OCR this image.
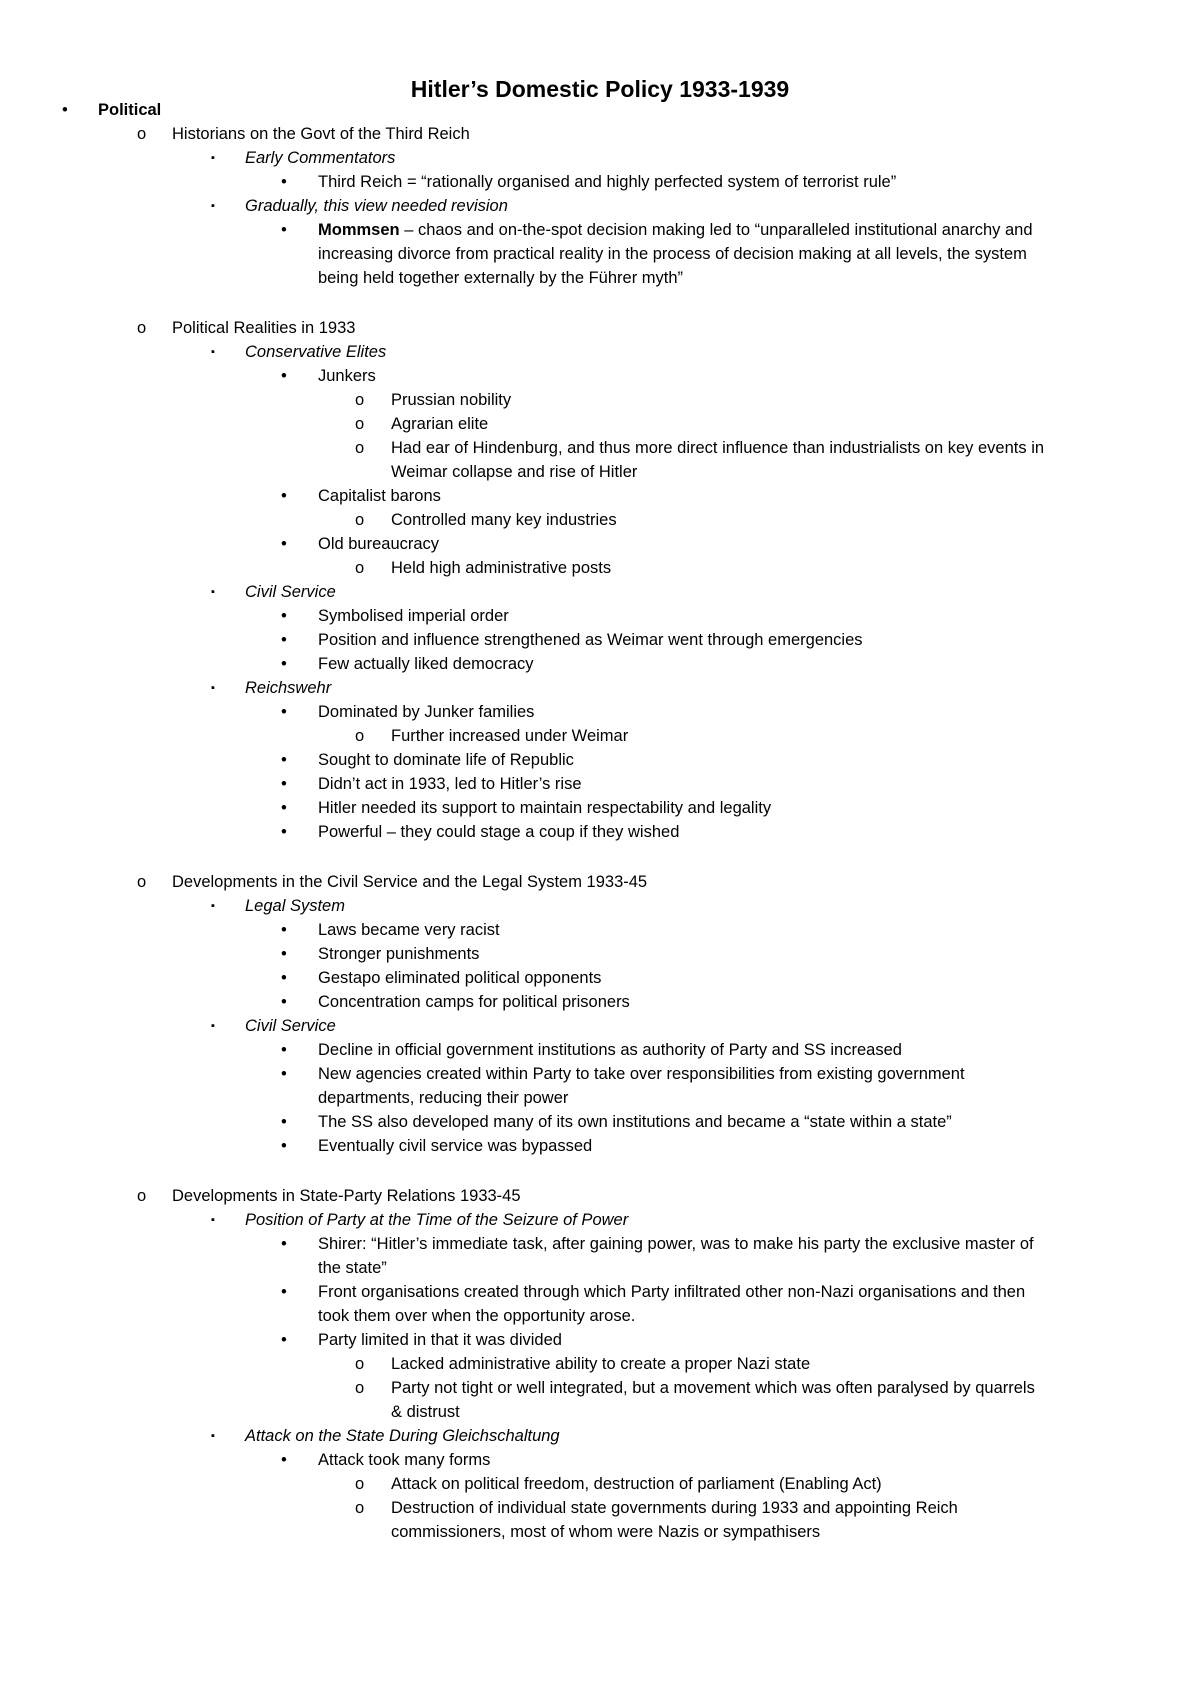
Hitler’s Domestic Policy 1933-1939
• Political
o Historians on the Govt of the Third Reich
▪ Early Commentators
• Third Reich = “rationally organised and highly perfected system of terrorist rule”
▪ Gradually, this view needed revision
• Mommsen – chaos and on-the-spot decision making led to “unparalleled institutional anarchy and
increasing divorce from practical reality in the process of decision making at all levels, the system
being held together externally by the Führer myth”
o Political Realities in 1933
▪ Conservative Elites
• Junkers
o Prussian nobility
o Agrarian elite
o Had ear of Hindenburg, and thus more direct influence than industrialists on key events in
Weimar collapse and rise of Hitler
• Capitalist barons
o Controlled many key industries
• Old bureaucracy
o Held high administrative posts
▪ Civil Service
• Symbolised imperial order
• Position and influence strengthened as Weimar went through emergencies
• Few actually liked democracy
▪ Reichswehr
• Dominated by Junker families
o Further increased under Weimar
• Sought to dominate life of Republic
• Didn’t act in 1933, led to Hitler’s rise
• Hitler needed its support to maintain respectability and legality
• Powerful – they could stage a coup if they wished
o Developments in the Civil Service and the Legal System 1933-45
▪ Legal System
• Laws became very racist
• Stronger punishments
• Gestapo eliminated political opponents
• Concentration camps for political prisoners
▪ Civil Service
• Decline in official government institutions as authority of Party and SS increased
• New agencies created within Party to take over responsibilities from existing government
departments, reducing their power
• The SS also developed many of its own institutions and became a “state within a state”
• Eventually civil service was bypassed
o Developments in State-Party Relations 1933-45
▪ Position of Party at the Time of the Seizure of Power
• Shirer: “Hitler’s immediate task, after gaining power, was to make his party the exclusive master of
the state”
• Front organisations created through which Party infiltrated other non-Nazi organisations and then
took them over when the opportunity arose.
• Party limited in that it was divided
o Lacked administrative ability to create a proper Nazi state
o Party not tight or well integrated, but a movement which was often paralysed by quarrels
& distrust
▪ Attack on the State During Gleichschaltung
• Attack took many forms
o Attack on political freedom, destruction of parliament (Enabling Act)
o Destruction of individual state governments during 1933 and appointing Reich
commissioners, most of whom were Nazis or sympathisers
